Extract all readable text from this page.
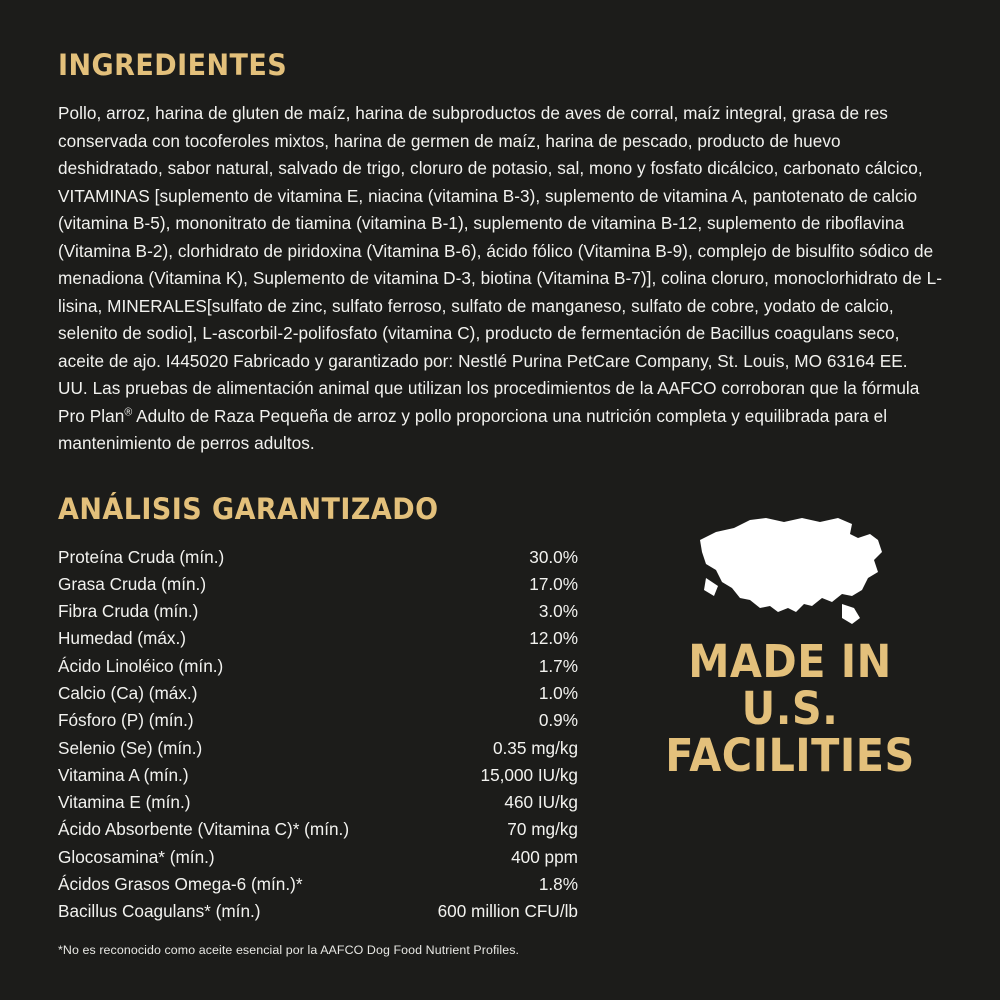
INGREDIENTES

Pollo, arroz, harina de gluten de maíz, harina de subproductos de aves de corral, maíz integral, grasa de res conservada con tocoferoles mixtos, harina de germen de maíz, harina de pescado, producto de huevo deshidratado, sabor natural, salvado de trigo, cloruro de potasio, sal, mono y fosfato dicálcico, carbonato cálcico, VITAMINAS [suplemento de vitamina E, niacina (vitamina B-3), suplemento de vitamina A, pantotenato de calcio (vitamina B-5), mononitrato de tiamina (vitamina B-1), suplemento de vitamina B-12, suplemento de riboflavina (Vitamina B-2), clorhidrato de piridoxina (Vitamina B-6), ácido fólico (Vitamina B-9), complejo de bisulfito sódico de menadiona (Vitamina K), Suplemento de vitamina D-3, biotina (Vitamina B-7)], colina cloruro, monoclorhidrato de L-lisina, MINERALES[sulfato de zinc, sulfato ferroso, sulfato de manganeso, sulfato de cobre, yodato de calcio, selenito de sodio], L-ascorbil-2-polifosfato (vitamina C), producto de fermentación de Bacillus coagulans seco, aceite de ajo. I445020 Fabricado y garantizado por: Nestlé Purina PetCare Company, St. Louis, MO 63164 EE. UU. Las pruebas de alimentación animal que utilizan los procedimientos de la AAFCO corroboran que la fórmula Pro Plan® Adulto de Raza Pequeña de arroz y pollo proporciona una nutrición completa y equilibrada para el mantenimiento de perros adultos.

ANÁLISIS GARANTIZADO
Proteína Cruda (mín.)	30.0%
Grasa Cruda (mín.)	17.0%
Fibra Cruda (mín.)	3.0%
Humedad (máx.)	12.0%
Ácido Linoléico (mín.)	1.7%
Calcio (Ca) (máx.)	1.0%
Fósforo (P) (mín.)	0.9%
Selenio (Se) (mín.)	0.35 mg/kg
Vitamina A (mín.)	15,000 IU/kg
Vitamina E (mín.)	460 IU/kg
Ácido Absorbente (Vitamina C)* (mín.)	70 mg/kg
Glocosamina* (mín.)	400 ppm
Ácidos Grasos Omega-6 (mín.)*	1.8%
Bacillus Coagulans* (mín.)	600 million CFU/lb
*No es reconocido como aceite esencial por la AAFCO Dog Food Nutrient Profiles.
MADE IN
U.S.
FACILITIES
